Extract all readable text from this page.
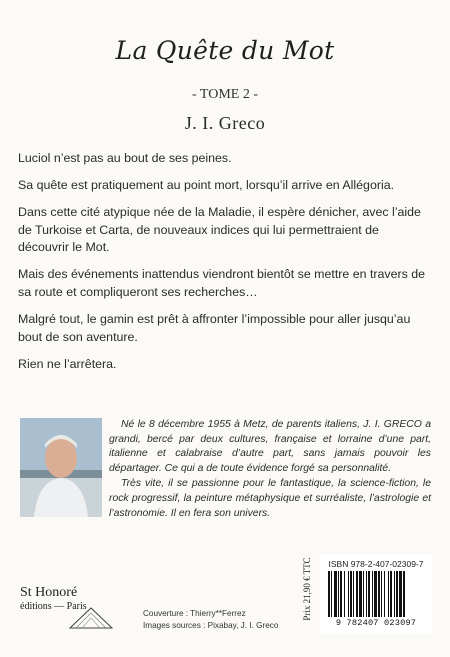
La Quête du Mot
- TOME 2 -
J. I. Greco

Luciol n’est pas au bout de ses peines.

Sa quête est pratiquement au point mort, lorsqu’il arrive en Allégoria.

Dans cette cité atypique née de la Maladie, il espère dénicher, avec l’aide de Turkoise et Carta, de nouveaux indices qui lui permettraient de découvrir le Mot.

Mais des événements inattendus viendront bientôt se mettre en travers de sa route et compliqueront ses recherches…

Malgré tout, le gamin est prêt à affronter l’impossible pour aller jusqu’au bout de son aventure.

Rien ne l’arrêtera.

Né le 8 décembre 1955 à Metz, de parents italiens, J. I. GRECO a grandi, bercé par deux cultures, française et lorraine d’une part, italienne et calabraise d’autre part, sans jamais pouvoir les départager. Ce qui a de toute évidence forgé sa personnalité.

Très vite, il se passionne pour le fantastique, la science-fiction, le rock progressif, la peinture métaphysique et surréaliste, l’astrologie et l’astronomie. Il en fera son univers.

St Honoré
éditions — Paris
Couverture : Thierry**Ferrez
Images sources : Pixabay, J. I. Greco
Prix 21,90 € TTC	ISBN 978-2-407-02309-7
9 782407 023097
